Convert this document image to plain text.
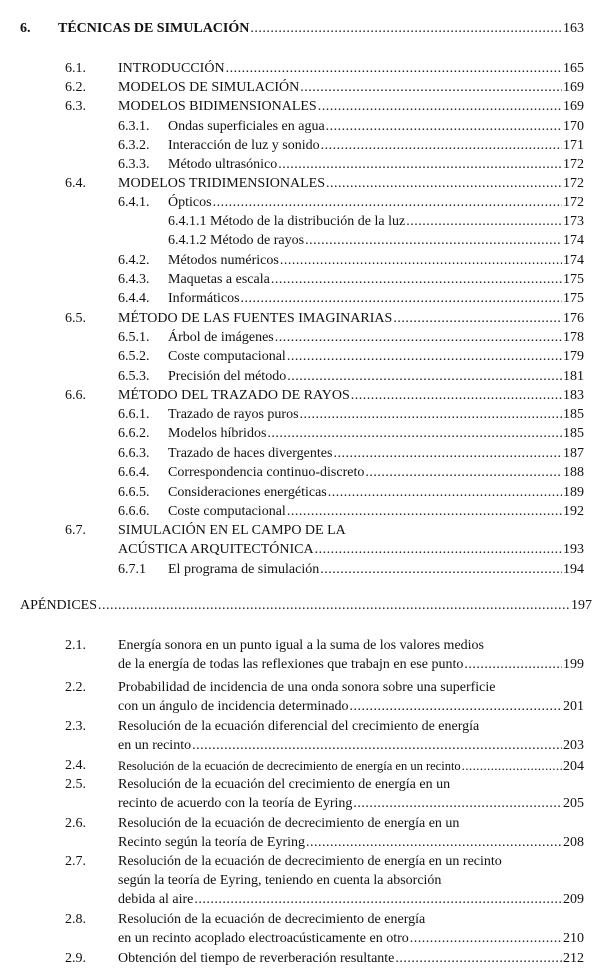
6. TÉCNICAS DE SIMULACIÓN .....	163
6.1. INTRODUCCIÓN .....	165
6.2. MODELOS DE SIMULACIÓN .....	169
6.3. MODELOS BIDIMENSIONALES .....	169
6.3.1. Ondas superficiales en agua .....	170
6.3.2. Interacción de luz y sonido .....	171
6.3.3. Método ultrasónico .....	172
6.4. MODELOS TRIDIMENSIONALES .....	172
6.4.1. Ópticos .....	172
6.4.1.1 Método de la distribución de la luz .....	173
6.4.1.2 Método de rayos .....	174
6.4.2. Métodos numéricos .....	174
6.4.3. Maquetas a escala .....	175
6.4.4. Informáticos .....	175
6.5. MÉTODO DE LAS FUENTES IMAGINARIAS .....	176
6.5.1. Árbol de imágenes .....	178
6.5.2. Coste computacional .....	179
6.5.3. Precisión del método .....	181
6.6. MÉTODO DEL TRAZADO DE RAYOS .....	183
6.6.1. Trazado de rayos puros .....	185
6.6.2. Modelos híbridos .....	185
6.6.3. Trazado de haces divergentes .....	187
6.6.4. Correspondencia continuo-discreto .....	188
6.6.5. Consideraciones energéticas .....	189
6.6.6. Coste computacional .....	192
6.7. SIMULACIÓN EN EL CAMPO DE LA
ACÚSTICA ARQUITECTÓNICA .....	193
6.7.1 El programa de simulación .....	194
APÉNDICES .....	197
2.1. Energía sonora en un punto igual a la suma de los valores medios
de la energía de todas las reflexiones que trabajn en ese punto .....	199
2.2. Probabilidad de incidencia de una onda sonora sobre una superficie
con un ángulo de incidencia determinado .....	201
2.3. Resolución de la ecuación diferencial del crecimiento de energía
en un recinto .....	203
2.4.	Resolución de la ecuación de decrecimiento de energía en un recinto .....	204
2.5. Resolución de la ecuación del crecimiento de energía en un
recinto de acuerdo con la teoría de Eyring .....	205
2.6. Resolución de la ecuación de decrecimiento de energía en un
Recinto según la teoría de Eyring .....	208
2.7. Resolución de la ecuación de decrecimiento de energía en un recinto
según la teoría de Eyring, teniendo en cuenta la absorción
debida al aire .....	209
2.8. Resolución de la ecuación de decrecimiento de energía
en un recinto acoplado electroacústicamente en otro .....	210
2.9. Obtención del tiempo de reverberación resultante .....	212
